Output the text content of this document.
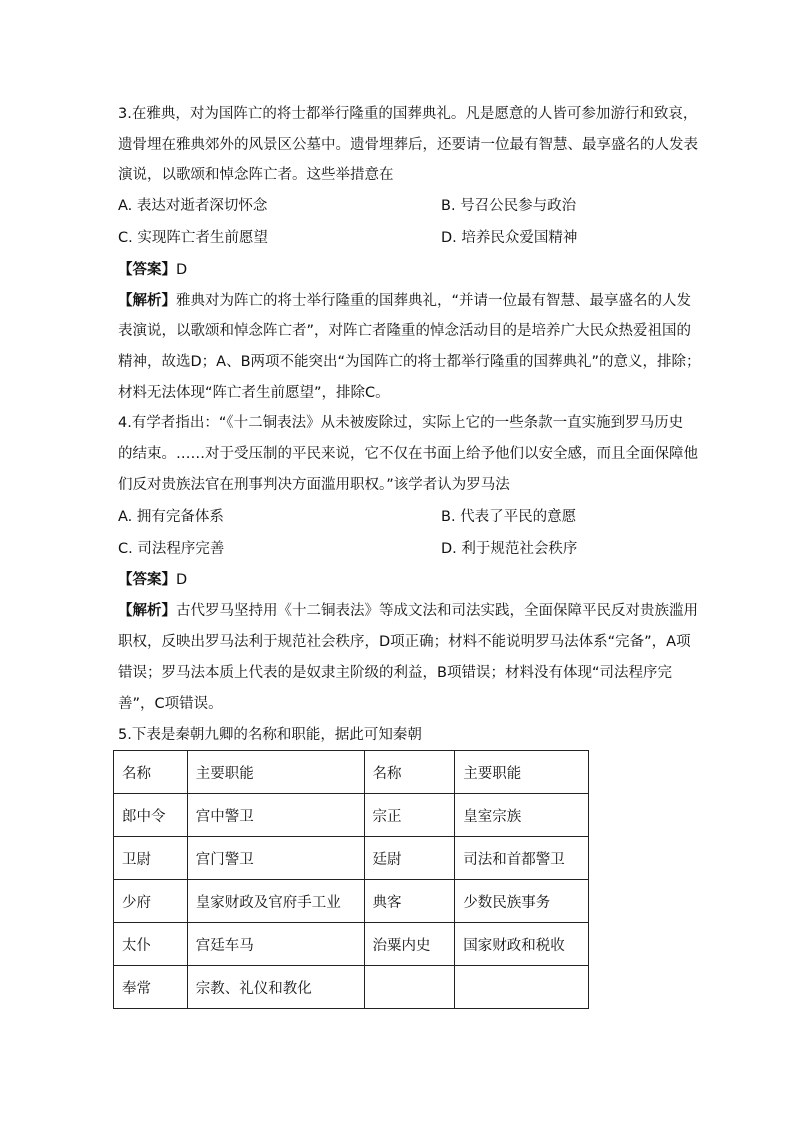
3.在雅典，对为国阵亡的将士都举行隆重的国葬典礼。凡是愿意的人皆可参加游行和致哀，
遗骨埋在雅典郊外的风景区公墓中。遗骨埋葬后，还要请一位最有智慧、最享盛名的人发表
演说，以歌颂和悼念阵亡者。这些举措意在
A. 表达对逝者深切怀念	B. 号召公民参与政治
C. 实现阵亡者生前愿望	D. 培养民众爱国精神
【答案】D
【解析】雅典对为阵亡的将士举行隆重的国葬典礼，“并请一位最有智慧、最享盛名的人发
表演说，以歌颂和悼念阵亡者”，对阵亡者隆重的悼念活动目的是培养广大民众热爱祖国的
精神，故选D；A、B两项不能突出“为国阵亡的将士都举行隆重的国葬典礼”的意义，排除；
材料无法体现“阵亡者生前愿望”，排除C。
4.有学者指出：“《十二铜表法》从未被废除过，实际上它的一些条款一直实施到罗马历史
的结束。……对于受压制的平民来说，它不仅在书面上给予他们以安全感，而且全面保障他
们反对贵族法官在刑事判决方面滥用职权。”该学者认为罗马法
A. 拥有完备体系	B. 代表了平民的意愿
C. 司法程序完善	D. 利于规范社会秩序
【答案】D
【解析】古代罗马坚持用《十二铜表法》等成文法和司法实践，全面保障平民反对贵族滥用
职权，反映出罗马法利于规范社会秩序，D项正确；材料不能说明罗马法体系“完备”，A项
错误；罗马法本质上代表的是奴隶主阶级的利益，B项错误；材料没有体现“司法程序完
善”，C项错误。
5.下表是秦朝九卿的名称和职能，据此可知秦朝
名称	主要职能	名称	主要职能
郎中令	宫中警卫	宗正	皇室宗族
卫尉	宫门警卫	廷尉	司法和首都警卫
少府	皇家财政及官府手工业	典客	少数民族事务
太仆	宫廷车马	治粟内史	国家财政和税收
奉常	宗教、礼仪和教化		
